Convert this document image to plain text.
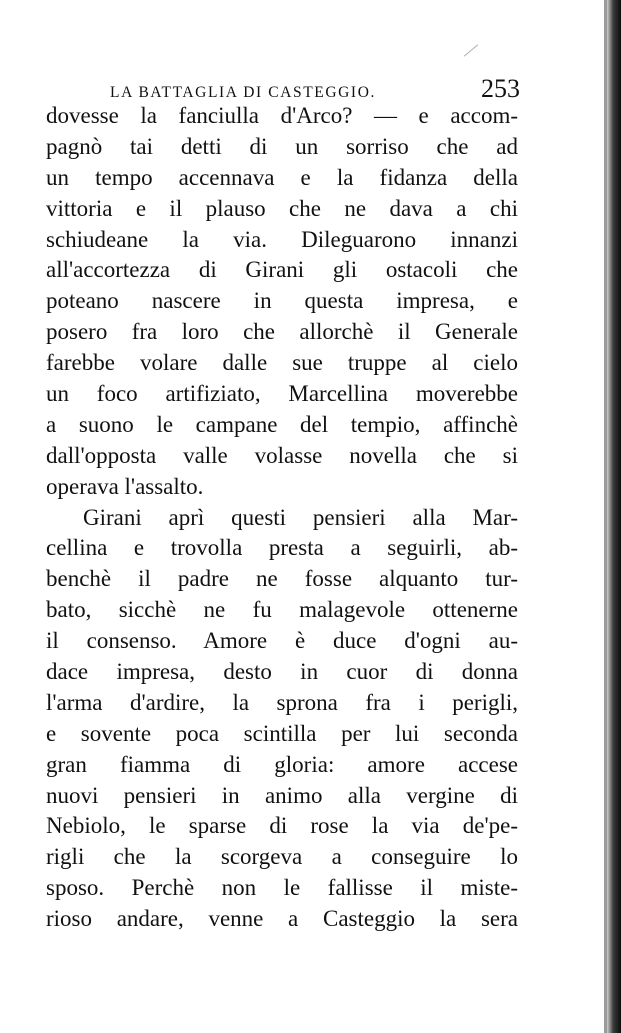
LA BATTAGLIA DI CASTEGGIO.	253
dovesse la fanciulla d'Arco? — e accom-
pagnò tai detti di un sorriso che ad
un tempo accennava e la fidanza della
vittoria e il plauso che ne dava a chi
schiudeane la via. Dileguarono innanzi
all'accortezza di Girani gli ostacoli che
poteano nascere in questa impresa, e
posero fra loro che allorchè il Generale
farebbe volare dalle sue truppe al cielo
un foco artifiziato, Marcellina moverebbe
a suono le campane del tempio, affinchè
dall'opposta valle volasse novella che si
operava l'assalto.
Girani aprì questi pensieri alla Mar-
cellina e trovolla presta a seguirli, ab-
benchè il padre ne fosse alquanto tur-
bato, sicchè ne fu malagevole ottenerne
il consenso. Amore è duce d'ogni au-
dace impresa, desto in cuor di donna
l'arma d'ardire, la sprona fra i perigli,
e sovente poca scintilla per lui seconda
gran fiamma di gloria: amore accese
nuovi pensieri in animo alla vergine di
Nebiolo, le sparse di rose la via de'pe-
rigli che la scorgeva a conseguire lo
sposo. Perchè non le fallisse il miste-
rioso andare, venne a Casteggio la sera
